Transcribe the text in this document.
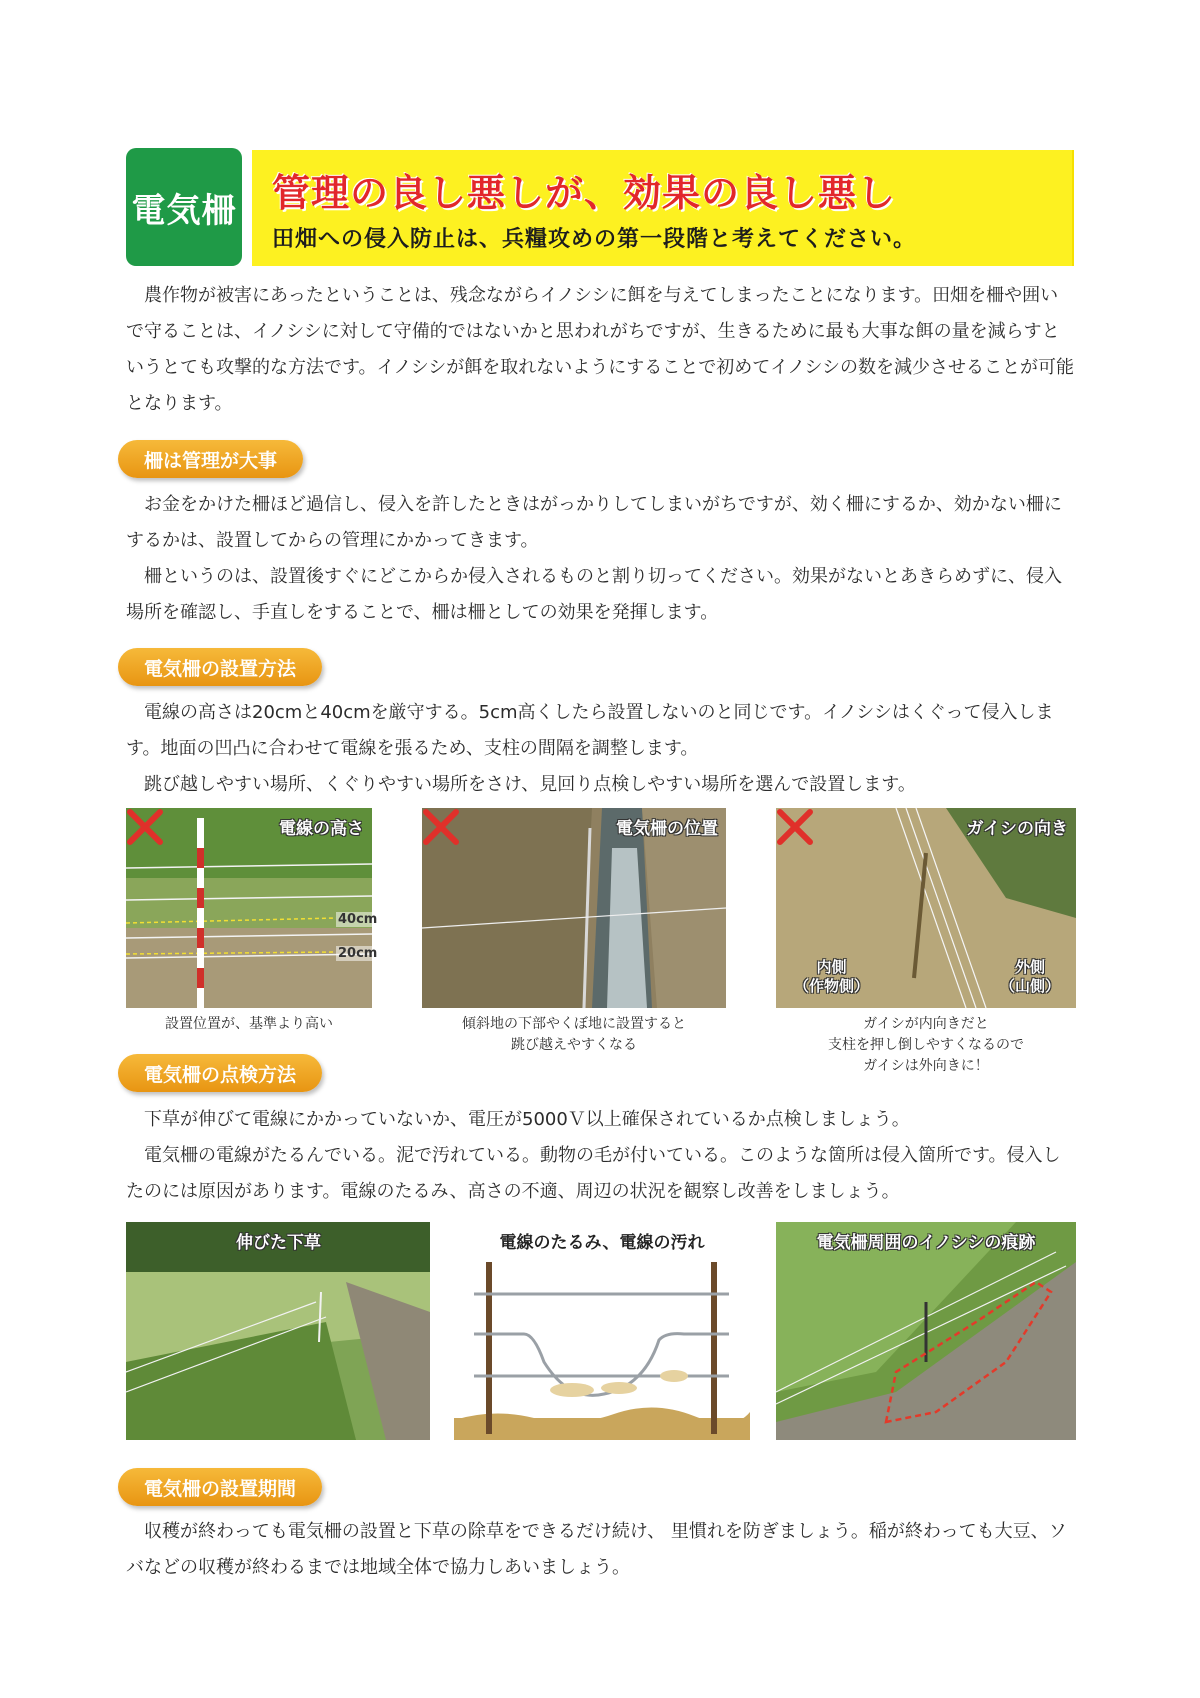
電気柵 管理の良し悪しが、効果の良し悪し
田畑への侵入防止は、兵糧攻めの第一段階と考えてください。

　農作物が被害にあったということは、残念ながらイノシシに餌を与えてしまったことになります。田畑を柵や囲いで守ることは、イノシシに対して守備的ではないかと思われがちですが、生きるために最も大事な餌の量を減らすというとても攻撃的な方法です。イノシシが餌を取れないようにすることで初めてイノシシの数を減少させることが可能となります。

柵は管理が大事

　お金をかけた柵ほど過信し、侵入を許したときはがっかりしてしまいがちですが、効く柵にするか、効かない柵にするかは、設置してからの管理にかかってきます。

　柵というのは、設置後すぐにどこからか侵入されるものと割り切ってください。効果がないとあきらめずに、侵入場所を確認し、手直しをすることで、柵は柵としての効果を発揮します。

電気柵の設置方法

　電線の高さは20cmと40cmを厳守する。5cm高くしたら設置しないのと同じです。イノシシはくぐって侵入します。地面の凹凸に合わせて電線を張るため、支柱の間隔を調整します。

　跳び越しやすい場所、くぐりやすい場所をさけ、見回り点検しやすい場所を選んで設置します。

電線の高さ
40cm
20cm
設置位置が、基準より高い
電気柵の位置
傾斜地の下部やくぼ地に設置すると
跳び越えやすくなる
ガイシの向き
内側
（作物側）
外側
（山側）
ガイシが内向きだと
支柱を押し倒しやすくなるので
ガイシは外向きに！
電気柵の点検方法

　下草が伸びて電線にかかっていないか、電圧が5000Ｖ以上確保されているか点検しましょう。

　電気柵の電線がたるんでいる。泥で汚れている。動物の毛が付いている。このような箇所は侵入箇所です。侵入したのには原因があります。電線のたるみ、高さの不適、周辺の状況を観察し改善をしましょう。

伸びた下草	電線のたるみ、電線の汚れ	電気柵周囲のイノシシの痕跡
電気柵の設置期間

　収穫が終わっても電気柵の設置と下草の除草をできるだけ続け、 里慣れを防ぎましょう。稲が終わっても大豆、ソバなどの収穫が終わるまでは地域全体で協力しあいましょう。
